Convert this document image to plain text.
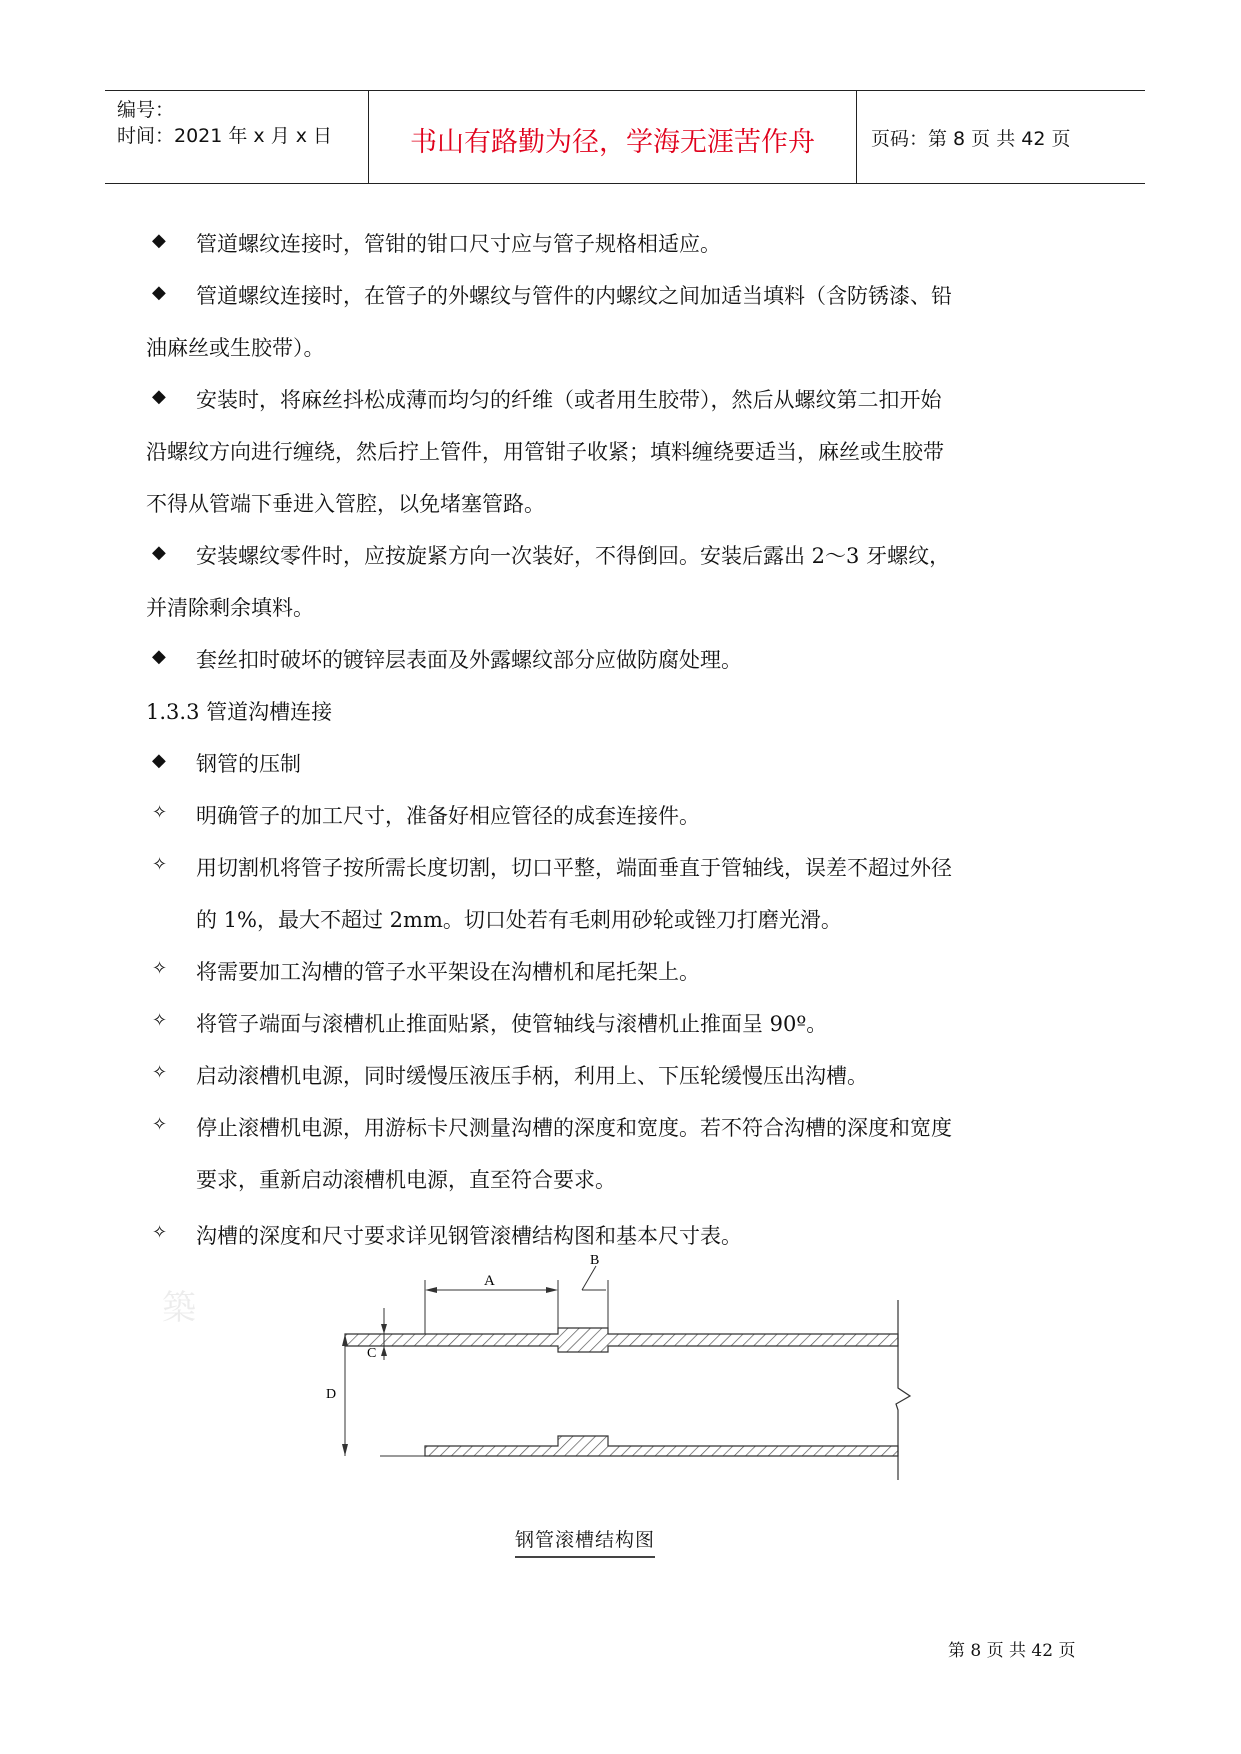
编号：
时间：2021 年 x 月 x 日	书山有路勤为径，学海无涯苦作舟	页码：第 8 页 共 42 页
◆	管道螺纹连接时，管钳的钳口尺寸应与管子规格相适应。
◆	管道螺纹连接时，在管子的外螺纹与管件的内螺纹之间加适当填料（含防锈漆、铅
油麻丝或生胶带）。
◆	安装时，将麻丝抖松成薄而均匀的纤维（或者用生胶带），然后从螺纹第二扣开始
沿螺纹方向进行缠绕，然后拧上管件，用管钳子收紧；填料缠绕要适当，麻丝或生胶带
不得从管端下垂进入管腔，以免堵塞管路。
◆	安装螺纹零件时，应按旋紧方向一次装好，不得倒回。安装后露出 2～3 牙螺纹，
并清除剩余填料。
◆	套丝扣时破坏的镀锌层表面及外露螺纹部分应做防腐处理。
1.3.3 管道沟槽连接
◆	钢管的压制
✧	明确管子的加工尺寸，准备好相应管径的成套连接件。
✧	用切割机将管子按所需长度切割，切口平整，端面垂直于管轴线，误差不超过外径
的 1%，最大不超过 2mm。切口处若有毛刺用砂轮或锉刀打磨光滑。
✧	将需要加工沟槽的管子水平架设在沟槽机和尾托架上。
✧	将管子端面与滚槽机止推面贴紧，使管轴线与滚槽机止推面呈 90º。
✧	启动滚槽机电源，同时缓慢压液压手柄，利用上、下压轮缓慢压出沟槽。
✧	停止滚槽机电源，用游标卡尺测量沟槽的深度和宽度。若不符合沟槽的深度和宽度
要求，重新启动滚槽机电源，直至符合要求。
✧	沟槽的深度和尺寸要求详见钢管滚槽结构图和基本尺寸表。
築
A
B
C
D
钢管滚槽结构图
第 8 页 共 42 页
